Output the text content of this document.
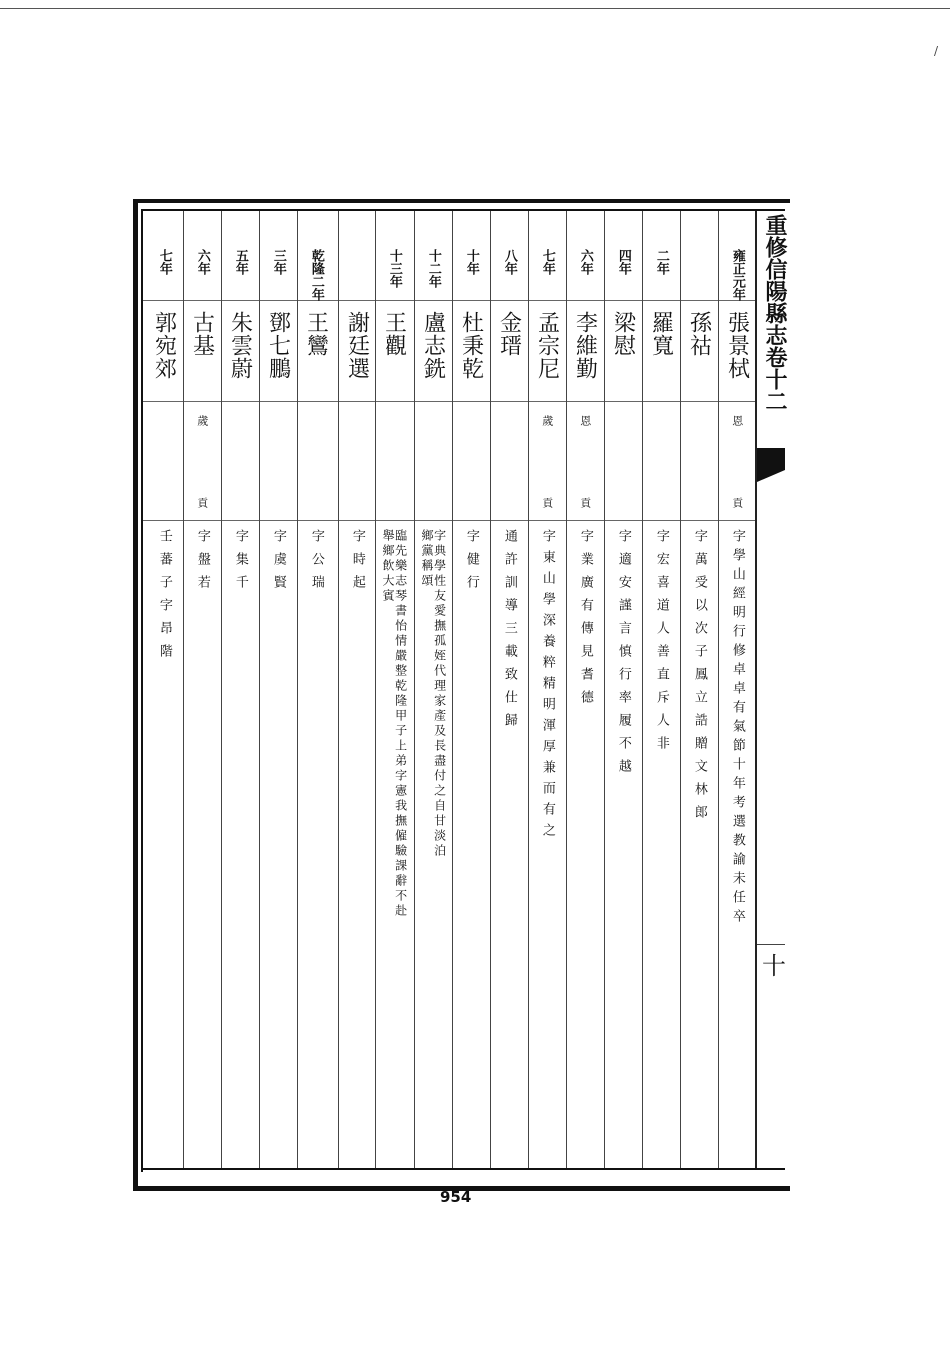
/
雍正元年
張景栻
恩
貢
字學山經明行修卓卓有氣節十年考選教諭未任卒
孫祜
字萬受以次子鳳立誥贈文林郎
二年
羅寬
字宏喜道人善直斥人非
四年
梁慰
字適安謹言慎行率履不越
六年
李維勤
恩
貢
字業廣有傳見耆德
七年
孟宗尼
歲
貢
字東山學深養粹精明渾厚兼而有之
八年
金瑨
通許訓導三載致仕歸
十年
杜秉乾
字健行
十二年
盧志銑
字典學性友愛撫孤姪代理家產及長盡付之自甘淡泊鄉黨稱頌
十三年
王觀
臨先樂志琴書怡情嚴整乾隆甲子上弟字憲我撫僱驗課辭不赴舉鄉飲大賓
謝廷選
字時起
乾隆二年
王鸞
字公瑞
三年
鄧七鵬
字虞賢
五年
朱雲蔚
字集千
六年
古基
歲
貢
字盤若
七年
郭宛郊
壬蕃子字昂階
重修信陽縣志卷十二
十
954
